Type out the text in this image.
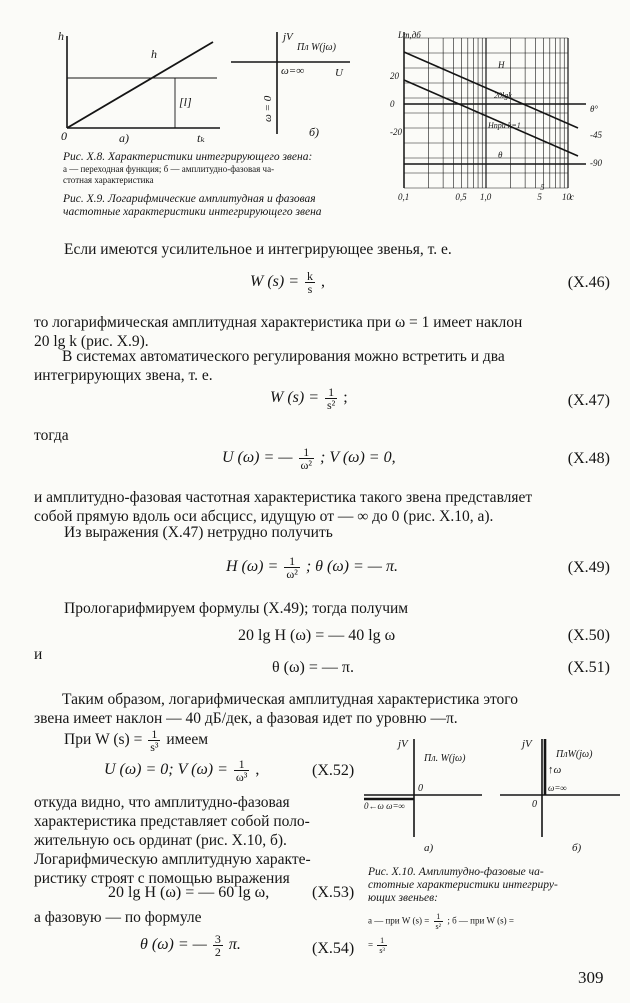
h
h
[l]
0	а)	tₖ
jV
Пл W(jω)
U
ω=∞
ω = 0
б)
Lm,дб
20
0
-20
θ°
-45
-90
0,1	0,5 1,0	5 10
H
20lgk
Hпри k=1
θ
5
с
Рис. X.8. Характеристики интегрирующего звена:
а — переходная функция; б — амплитудно-фазовая ча-
стотная характеристика
Рис. X.9. Логарифмические амплитудная и фазовая
частотные характеристики интегрирующего звена
Если имеются усилительное и интегрирующее звенья, т. е.
W $(s) = \frac{k}{s}$ ,	(X.46)
то логарифмическая амплитудная характеристика при ω = 1 имеет наклон
20 lg k (рис. X.9).
В системах автоматического регулирования можно встретить и два
интегрирующих звена, т. е.
W $(s) = \frac{1}{\text{s²}}$ ;	(X.47)
тогда
U (ω) = — $\frac{1}{\text{ω²}}$ ; V (ω) = 0,	(X.48)
и амплитудно-фазовая частотная характеристика такого звена представляет
собой прямую вдоль оси абсцисс, идущую от — ∞ до 0 (рис. X.10, а).
Из выражения (X.47) нетрудно получить
H $(\omega) = \frac{1}{\text{ω²}}$ ; θ (ω) = — π.	(X.49)
Прологарифмируем формулы (X.49); тогда получим
20 lg H (ω) = — 40 lg ω	(X.50)
и
θ (ω) = — π.	(X.51)
Таким образом, логарифмическая амплитудная характеристика этого
звена имеет наклон — 40 дБ/дек, а фазовая идет по уровню —π.
При W $(s) = \frac{1}{\text{s³}}$ имеем
U (ω) = 0; V $(\omega) = \frac{1}{\text{ω³}}$ ,	(X.52)
откуда видно, что амплитудно-фазовая
характеристика представляет собой поло-
жительную ось ординат (рис. X.10, б).
Логарифмическую амплитудную характе-
ристику строят с помощью выражения
20 lg H (ω) = — 60 lg ω,	(X.53)
а фазовую — по формуле
θ (ω) = — $\frac{3}{2} \pi$.	(X.54)
jV
Пл. W(jω)
0
0←ω ω=∞
а)
jV
ПлW(jω)
↑ω
ω=∞
0
б)
Рис. X.10. Амплитудно-фазовые ча-
стотные характеристики интегриру-
ющих звеньев:
а — при W $(s) = \frac{1}{\text{s²}}$ ; б — при W (s) =
= $\frac{1}{\text{s³}}$
309
